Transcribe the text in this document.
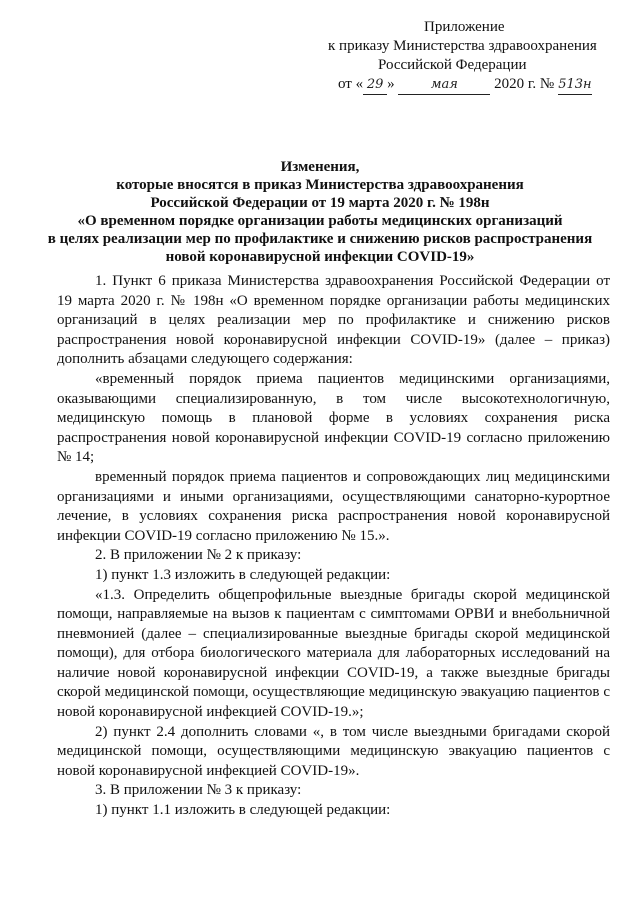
Приложение
к приказу Министерства здравоохранения
Российской Федерации
от « 29 » мая 2020 г. № 513н
Изменения,
которые вносятся в приказ Министерства здравоохранения
Российской Федерации от 19 марта 2020 г. № 198н
«О временном порядке организации работы медицинских организаций
в целях реализации мер по профилактике и снижению рисков распространения
новой коронавирусной инфекции COVID-19»

1. Пункт 6 приказа Министерства здравоохранения Российской Федерации от 19 марта 2020 г. № 198н «О временном порядке организации работы медицинских организаций в целях реализации мер по профилактике и снижению рисков распространения новой коронавирусной инфекции COVID-19» (далее – приказ) дополнить абзацами следующего содержания:

«временный порядок приема пациентов медицинскими организациями, оказывающими специализированную, в том числе высокотехнологичную, медицинскую помощь в плановой форме в условиях сохранения риска распространения новой коронавирусной инфекции COVID-19 согласно приложению № 14;

временный порядок приема пациентов и сопровождающих лиц медицинскими организациями и иными организациями, осуществляющими санаторно-курортное лечение, в условиях сохранения риска распространения новой коронавирусной инфекции COVID-19 согласно приложению № 15.».

2. В приложении № 2 к приказу:

1) пункт 1.3 изложить в следующей редакции:

«1.3. Определить общепрофильные выездные бригады скорой медицинской помощи, направляемые на вызов к пациентам с симптомами ОРВИ и внебольничной пневмонией (далее – специализированные выездные бригады скорой медицинской помощи), для отбора биологического материала для лабораторных исследований на наличие новой коронавирусной инфекции COVID-19, а также выездные бригады скорой медицинской помощи, осуществляющие медицинскую эвакуацию пациентов с новой коронавирусной инфекцией COVID-19.»;

2) пункт 2.4 дополнить словами «, в том числе выездными бригадами скорой медицинской помощи, осуществляющими медицинскую эвакуацию пациентов с новой коронавирусной инфекцией COVID-19».

3. В приложении № 3 к приказу:

1) пункт 1.1 изложить в следующей редакции:
